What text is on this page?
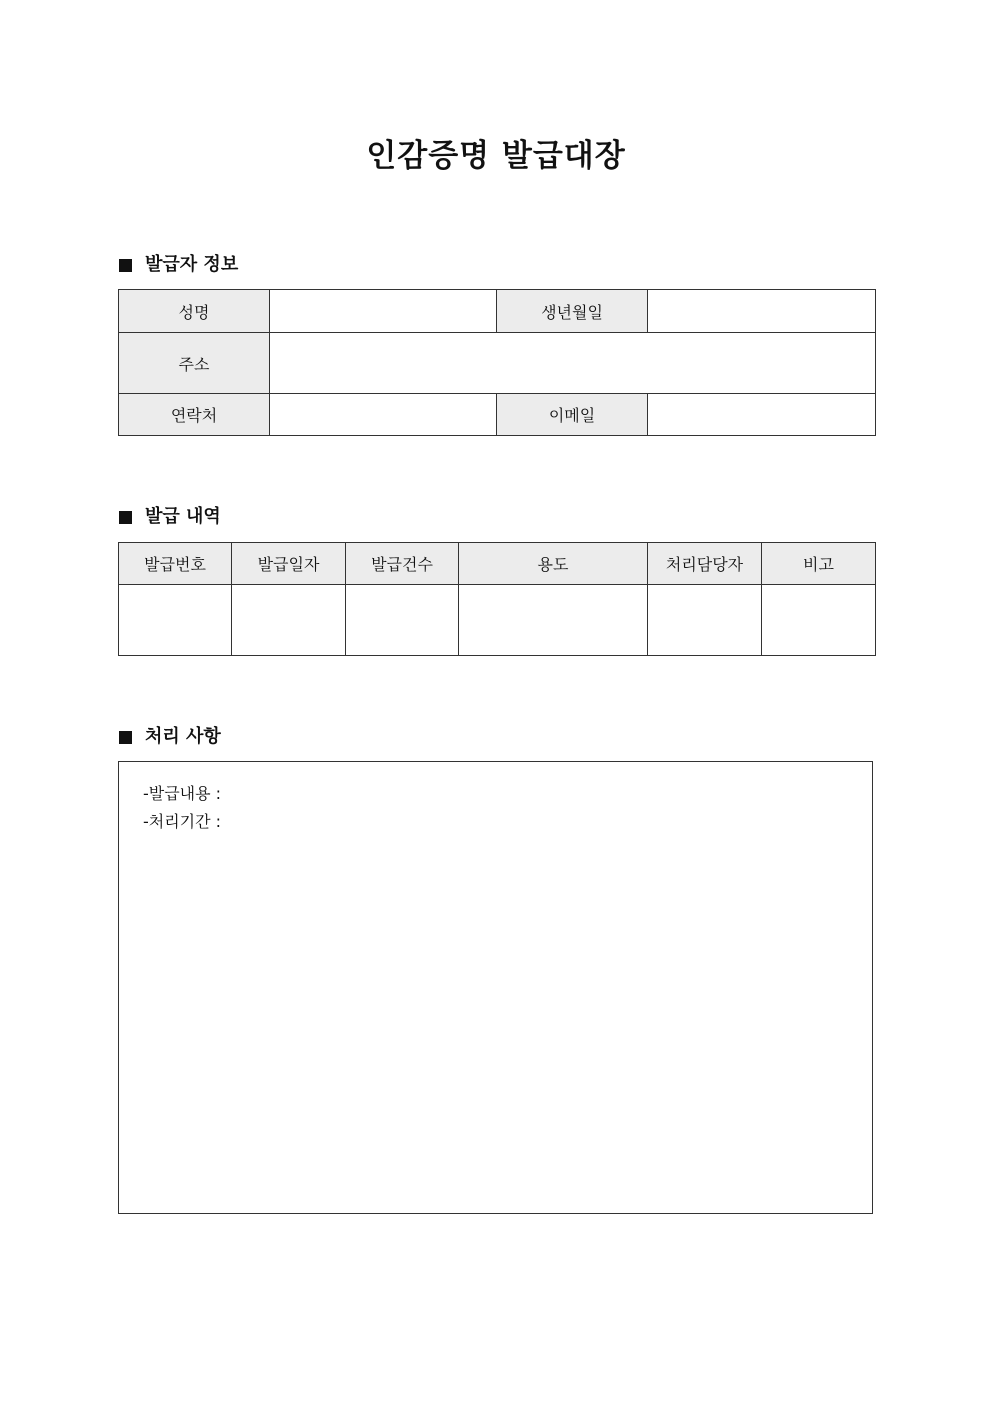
인감증명 발급대장
발급자 정보
성명		생년월일	
주소			
연락처		이메일	
발급 내역
발급번호	발급일자	발급건수	용도	처리담당자	비고

처리 사항
-발급내용 :
-처리기간 :
